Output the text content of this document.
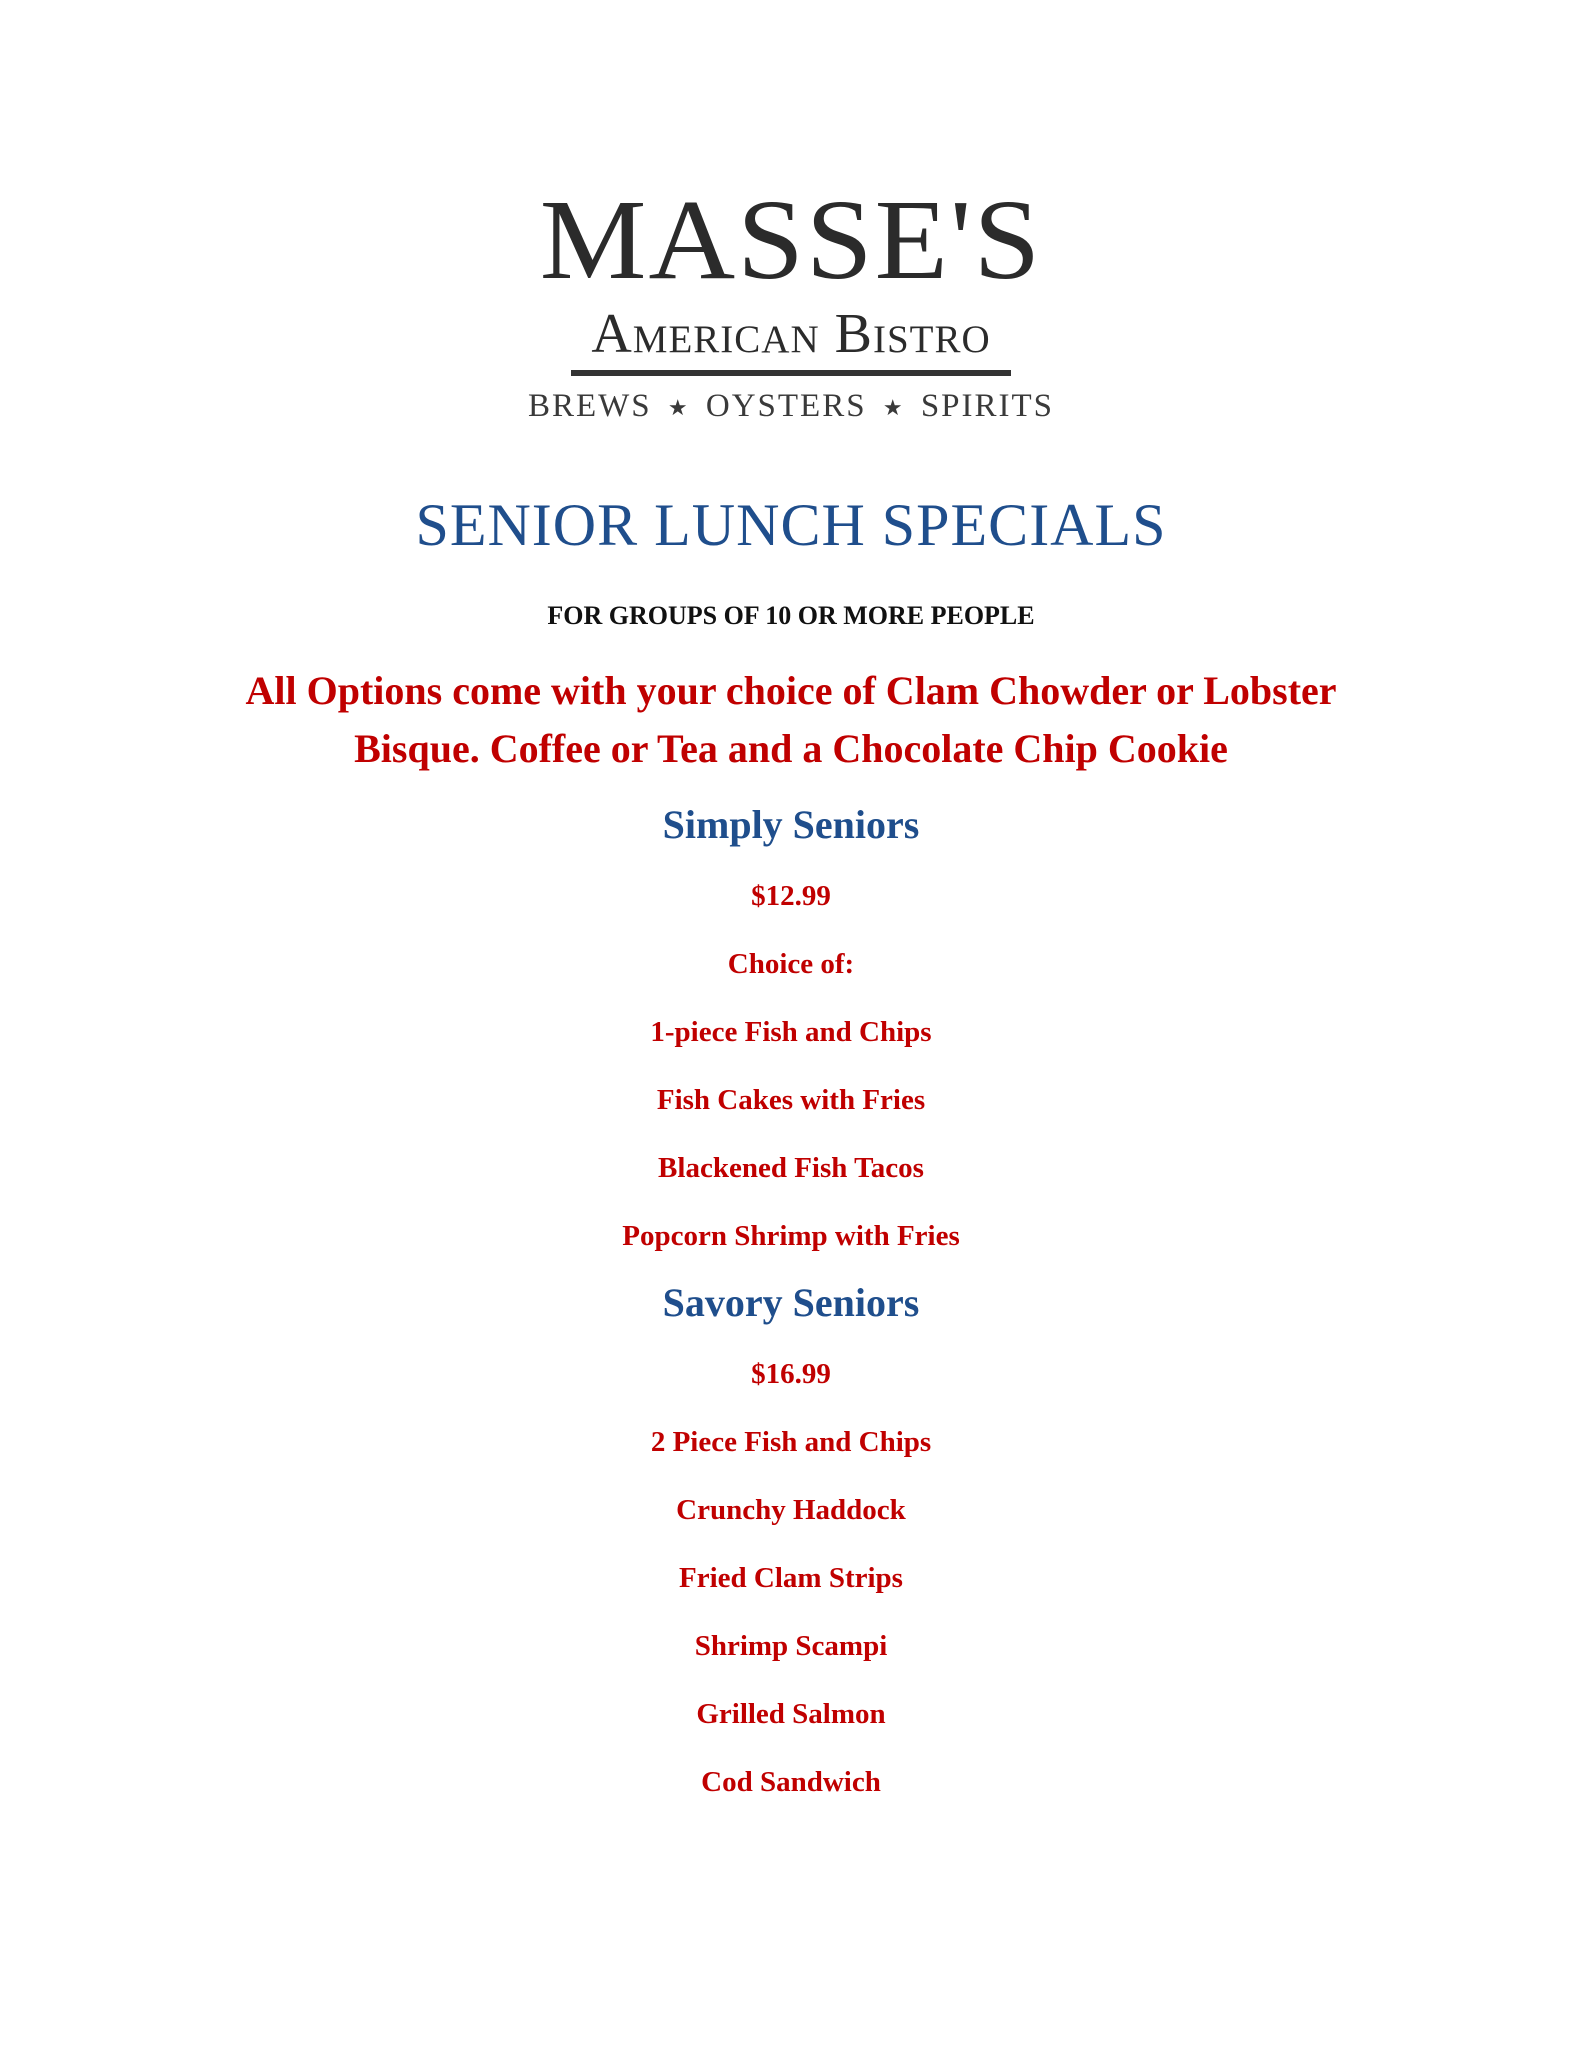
MASSE'S
American Bistro
BREWS ★ OYSTERS ★ SPIRITS
SENIOR LUNCH SPECIALS
FOR GROUPS OF 10 OR MORE PEOPLE
All Options come with your choice of Clam Chowder or Lobster
Bisque. Coffee or Tea and a Chocolate Chip Cookie
Simply Seniors
$12.99
Choice of:
1-piece Fish and Chips
Fish Cakes with Fries
Blackened Fish Tacos
Popcorn Shrimp with Fries
Savory Seniors
$16.99
2 Piece Fish and Chips
Crunchy Haddock
Fried Clam Strips
Shrimp Scampi
Grilled Salmon
Cod Sandwich
